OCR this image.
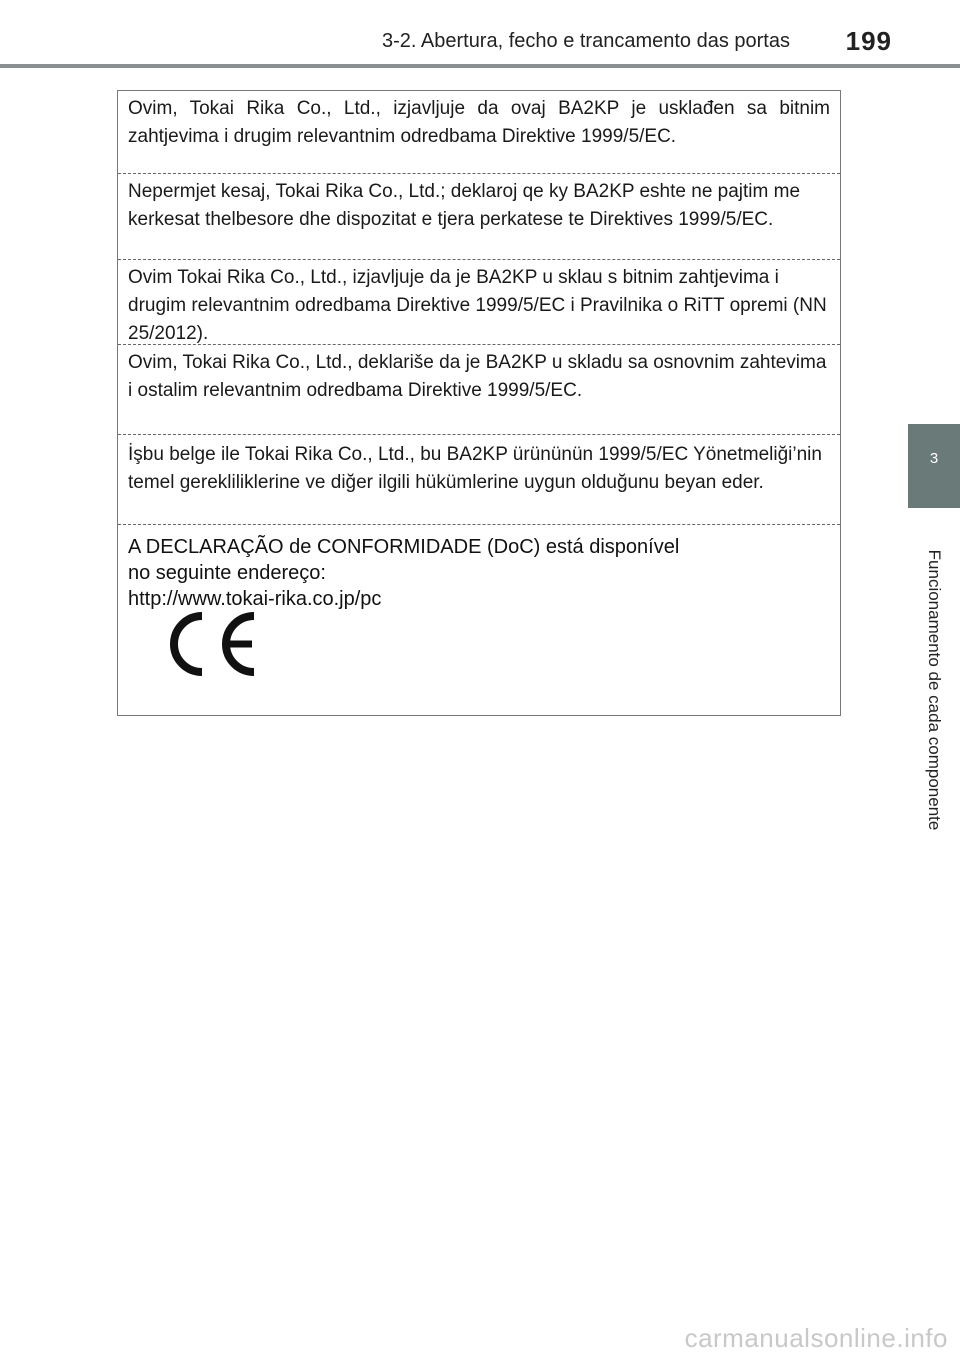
3-2. Abertura, fecho e trancamento das portas 199
3
Funcionamento de cada componente

Ovim, Tokai Rika Co., Ltd., izjavljuje da ovaj BA2KP je usklađen sa bitnim zahtjevima i drugim relevantnim odredbama Direktive 1999/5/EC.

Nepermjet kesaj, Tokai Rika Co., Ltd.; deklaroj qe ky BA2KP eshte ne pajtim me kerkesat thelbesore dhe dispozitat e tjera perkatese te Direktives 1999/5/EC.

Ovim Tokai Rika Co., Ltd., izjavljuje da je BA2KP u sklau s bitnim zahtjevima i drugim relevantnim odredbama Direktive 1999/5/EC i Pravilnika o RiTT opremi (NN 25/2012).

Ovim, Tokai Rika Co., Ltd., deklariše da je BA2KP u skladu sa osnovnim zahtevima i ostalim relevantnim odredbama Direktive 1999/5/EC.

İşbu belge ile Tokai Rika Co., Ltd., bu BA2KP ürününün 1999/5/EC Yönetmeliği’nin temel gerekliliklerine ve diğer ilgili hükümlerine uygun olduğunu beyan eder.

A DECLARAÇÃO de CONFORMIDADE (DoC) está disponível

no seguinte endereço:

http://www.tokai-rika.co.jp/pc

carmanualsonline.info
